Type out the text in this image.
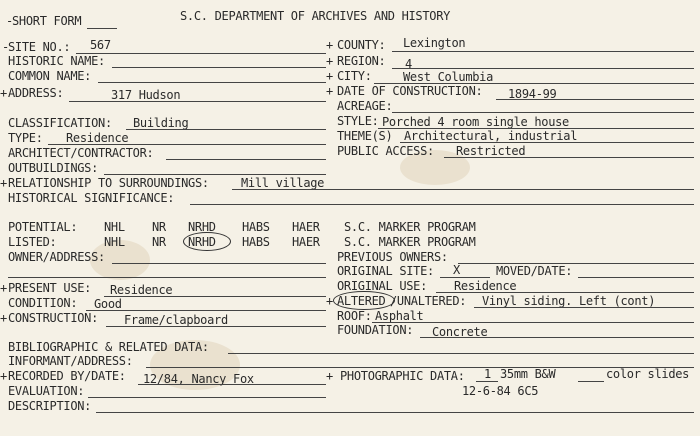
- SHORT FORM	S.C. DEPARTMENT OF ARCHIVES AND HISTORY
- SITE NO.: 567
HISTORIC NAME:
COMMON NAME:
+ ADDRESS:	317 Hudson
+ COUNTY: Lexington
+ REGION: 4
+ CITY:	West Columbia
+ DATE OF CONSTRUCTION: 1894-99
ACREAGE:
CLASSIFICATION: Building
TYPE: Residence
ARCHITECT/CONTRACTOR:
OUTBUILDINGS:
+ RELATIONSHIP TO SURROUNDINGS:	Mill village
HISTORICAL SIGNIFICANCE:
STYLE: Porched 4 room single house
THEME(S) Architectural, industrial
PUBLIC ACCESS: Restricted
POTENTIAL: NHL NR NRHD HABS HAER S.C. MARKER PROGRAM
LISTED:	NHL NR NRHD HABS HAER S.C. MARKER PROGRAM
OWNER/ADDRESS:	PREVIOUS OWNERS:
ORIGINAL SITE: X	MOVED/DATE:
ORIGINAL USE: Residence
+ ALTERED /UNALTERED: Vinyl siding. Left (cont)
ROOF: Asphalt
FOUNDATION: Concrete
+ PRESENT USE: Residence
CONDITION: Good
+ CONSTRUCTION: Frame/clapboard
BIBLIOGRAPHIC & RELATED DATA:
INFORMANT/ADDRESS:
+ RECORDED BY/DATE: 12/84, Nancy Fox	+ PHOTOGRAPHIC DATA: 1 35mm B&W	color slides
12-6-84 6C5
EVALUATION:
DESCRIPTION:
